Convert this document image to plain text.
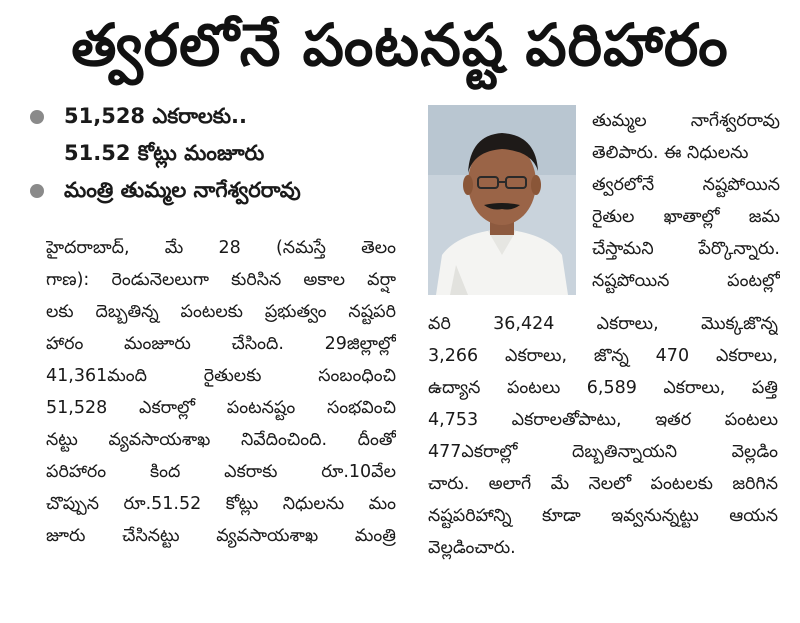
త్వరలోనే పంటనష్ట పరిహారం
51,528 ఎకరాలకు..
51.52 కోట్లు మంజూరు
మంత్రి తుమ్మల నాగేశ్వరరావు
హైదరాబాద్, మే 28 (నమస్తే తెలం
గాణ): రెండునెలలుగా కురిసిన అకాల వర్షా
లకు దెబ్బతిన్న పంటలకు ప్రభుత్వం నష్టపరి
హారం మంజూరు చేసింది. 29జిల్లాల్లో
41,361మంది రైతులకు సంబంధించి
51,528 ఎకరాల్లో పంటనష్టం సంభవించి
నట్టు వ్యవసాయశాఖ నివేదించింది. దీంతో
పరిహారం కింద ఎకరాకు రూ.10వేల
చొప్పున రూ.51.52 కోట్లు నిధులను మం
జూరు చేసినట్టు వ్యవసాయశాఖ మంత్రి
తుమ్మల నాగేశ్వరరావు
తెలిపారు. ఈ నిధులను
త్వరలోనే నష్టపోయిన
రైతుల ఖాతాల్లో జమ
చేస్తామని పేర్కొన్నారు.
నష్టపోయిన పంటల్లో
వరి 36,424 ఎకరాలు, మొక్కజొన్న
3,266 ఎకరాలు, జొన్న 470 ఎకరాలు,
ఉద్యాన పంటలు 6,589 ఎకరాలు, పత్తి
4,753 ఎకరాలతోపాటు, ఇతర పంటలు
477ఎకరాల్లో దెబ్బతిన్నాయని వెల్లడిం
చారు. అలాగే మే నెలలో పంటలకు జరిగిన
నష్టపరిహాన్ని కూడా ఇవ్వనున్నట్టు ఆయన
వెల్లడించారు.
